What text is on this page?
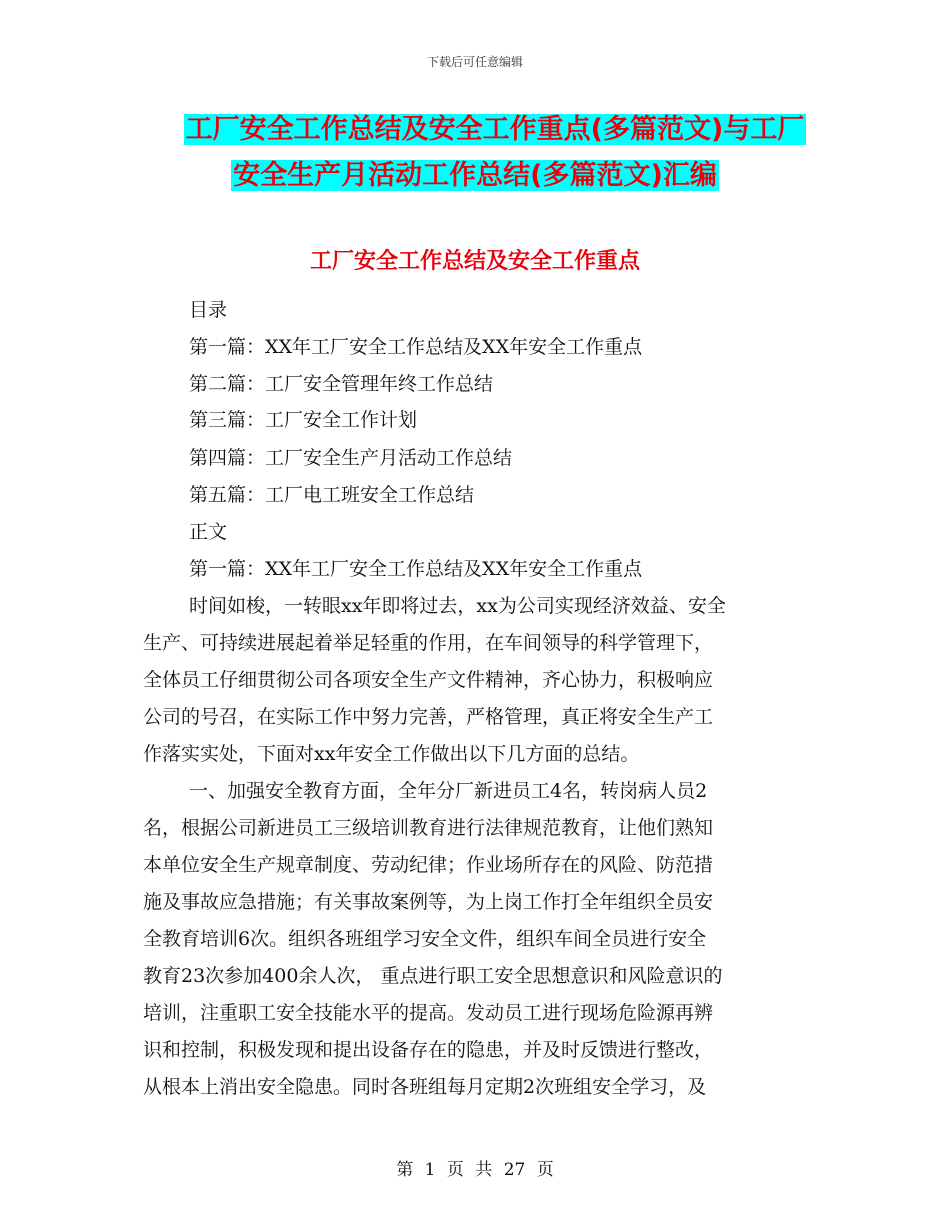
下载后可任意编辑
工厂安全工作总结及安全工作重点(多篇范文)与工厂
安全生产月活动工作总结(多篇范文)汇编
工厂安全工作总结及安全工作重点
目录
第一篇：XX年工厂安全工作总结及XX年安全工作重点
第二篇：工厂安全管理年终工作总结
第三篇：工厂安全工作计划
第四篇：工厂安全生产月活动工作总结
第五篇：工厂电工班安全工作总结
正文
第一篇：XX年工厂安全工作总结及XX年安全工作重点
时间如梭，一转眼xx年即将过去，xx为公司实现经济效益、安全
生产、可持续进展起着举足轻重的作用，在车间领导的科学管理下，
全体员工仔细贯彻公司各项安全生产文件精神，齐心协力，积极响应
公司的号召，在实际工作中努力完善，严格管理，真正将安全生产工
作落实实处，下面对xx年安全工作做出以下几方面的总结。
一、加强安全教育方面，全年分厂新进员工4名，转岗病人员2
名，根据公司新进员工三级培训教育进行法律规范教育，让他们熟知
本单位安全生产规章制度、劳动纪律；作业场所存在的风险、防范措
施及事故应急措施；有关事故案例等，为上岗工作打全年组织全员安
全教育培训6次。组织各班组学习安全文件，组织车间全员进行安全
教育23次参加400余人次， 重点进行职工安全思想意识和风险意识的
培训，注重职工安全技能水平的提高。发动员工进行现场危险源再辨
识和控制，积极发现和提出设备存在的隐患，并及时反馈进行整改，
从根本上消出安全隐患。同时各班组每月定期2次班组安全学习，及
第 1 页 共 27 页
